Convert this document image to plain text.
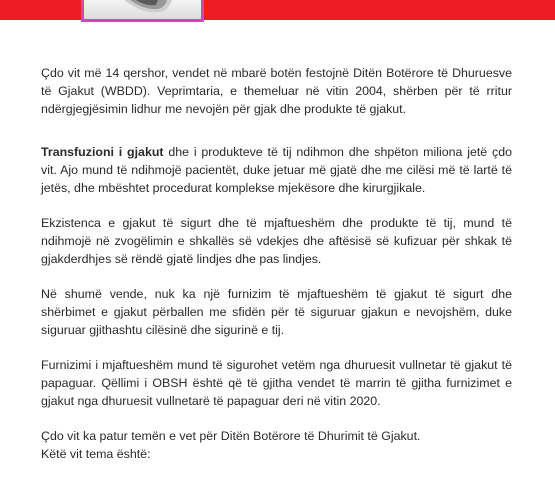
Çdo vit më 14 qershor, vendet në mbarë botën festojnë Ditën Botërore të Dhuruesve të Gjakut (WBDD). Veprimtaria, e themeluar në vitin 2004, shërben për të rritur ndërgjegjësimin lidhur me nevojën për gjak dhe produkte të gjakut.

Transfuzioni i gjakut dhe i produkteve të tij ndihmon dhe shpëton miliona jetë çdo vit. Ajo mund të ndihmojë pacientët, duke jetuar më gjatë dhe me cilësi më të lartë të jetës, dhe mbështet procedurat komplekse mjekësore dhe kirurgjikale.

Ekzistenca e gjakut të sigurt dhe të mjaftueshëm dhe produkte të tij, mund të ndihmojë në zvogëlimin e shkallës së vdekjes dhe aftësisë së kufizuar për shkak të gjakderdhjes së rëndë gjatë lindjes dhe pas lindjes.

Në shumë vende, nuk ka një furnizim të mjaftueshëm të gjakut të sigurt dhe shërbimet e gjakut përballen me sfidën për të siguruar gjakun e nevojshëm, duke siguruar gjithashtu cilësinë dhe sigurinë e tij.

Furnizimi i mjaftueshëm mund të sigurohet vetëm nga dhuruesit vullnetar të gjakut të papaguar. Qëllimi i OBSH është që të gjitha vendet të marrin të gjitha furnizimet e gjakut nga dhuruesit vullnetarë të papaguar deri në vitin 2020.

Çdo vit ka patur temën e vet për Ditën Botërore të Dhurimit të Gjakut.

Këtë vit tema është:
